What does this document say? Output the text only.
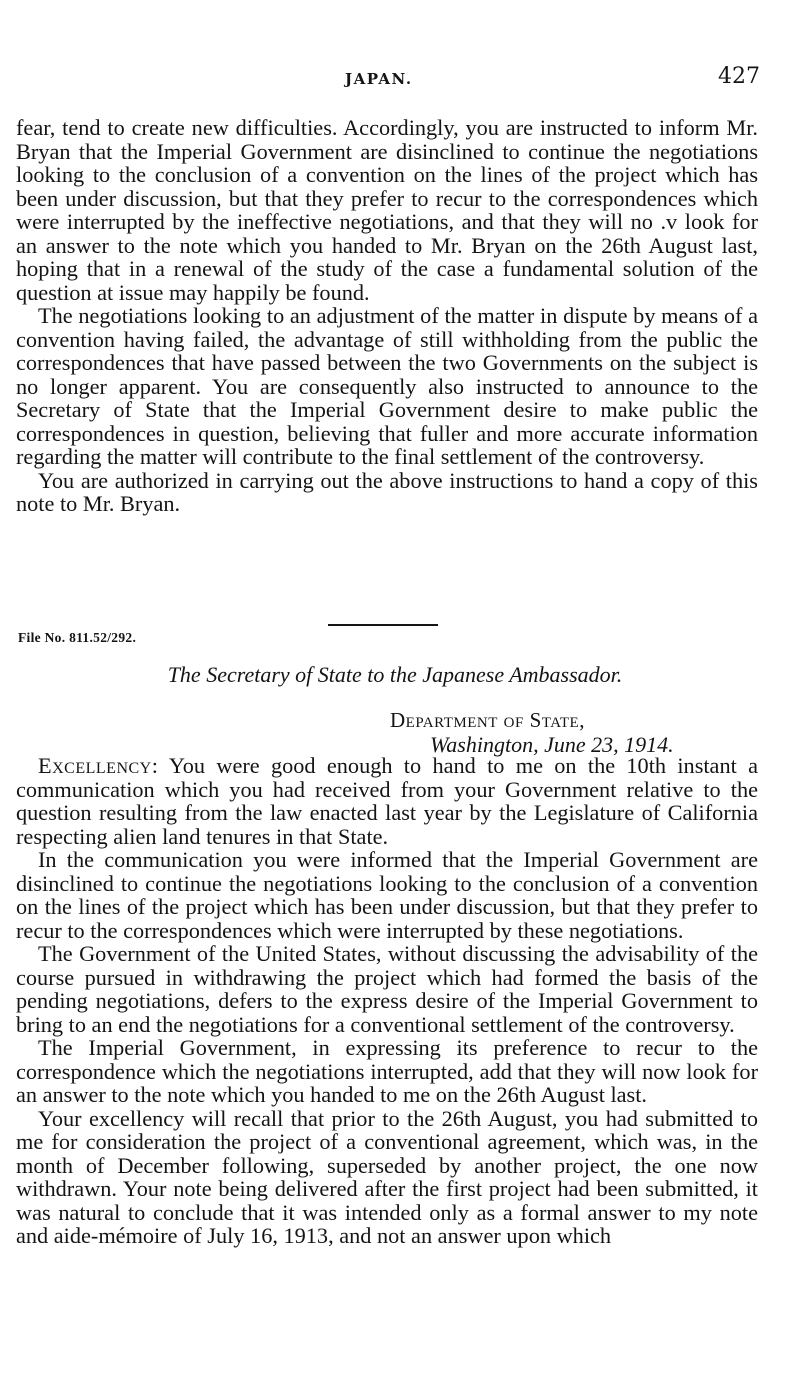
JAPAN.	427

fear, tend to create new difficulties. Accordingly, you are instructed to inform Mr. Bryan that the Imperial Government are disinclined to continue the negotiations looking to the conclusion of a convention on the lines of the project which has been under discussion, but that they prefer to recur to the correspondences which were interrupted by the ineffective negotiations, and that they will no .v look for an answer to the note which you handed to Mr. Bryan on the 26th August last, hoping that in a renewal of the study of the case a fundamental solution of the question at issue may happily be found.

The negotiations looking to an adjustment of the matter in dispute by means of a convention having failed, the advantage of still withholding from the public the correspondences that have passed between the two Governments on the subject is no longer apparent. You are consequently also instructed to announce to the Secretary of State that the Imperial Government desire to make public the correspondences in question, believing that fuller and more accurate information regarding the matter will contribute to the final settlement of the controversy.

You are authorized in carrying out the above instructions to hand a copy of this note to Mr. Bryan.

File No. 811.52/292.
The Secretary of State to the Japanese Ambassador.
Department of State,
Washington, June 23, 1914.

Excellency: You were good enough to hand to me on the 10th instant a communication which you had received from your Government relative to the question resulting from the law enacted last year by the Legislature of California respecting alien land tenures in that State.

In the communication you were informed that the Imperial Government are disinclined to continue the negotiations looking to the conclusion of a convention on the lines of the project which has been under discussion, but that they prefer to recur to the correspondences which were interrupted by these negotiations.

The Government of the United States, without discussing the advisability of the course pursued in withdrawing the project which had formed the basis of the pending negotiations, defers to the express desire of the Imperial Government to bring to an end the negotiations for a conventional settlement of the controversy.

The Imperial Government, in expressing its preference to recur to the correspondence which the negotiations interrupted, add that they will now look for an answer to the note which you handed to me on the 26th August last.

Your excellency will recall that prior to the 26th August, you had submitted to me for consideration the project of a conventional agreement, which was, in the month of December following, superseded by another project, the one now withdrawn. Your note being delivered after the first project had been submitted, it was natural to conclude that it was intended only as a formal answer to my note and aide-mémoire of July 16, 1913, and not an answer upon which
